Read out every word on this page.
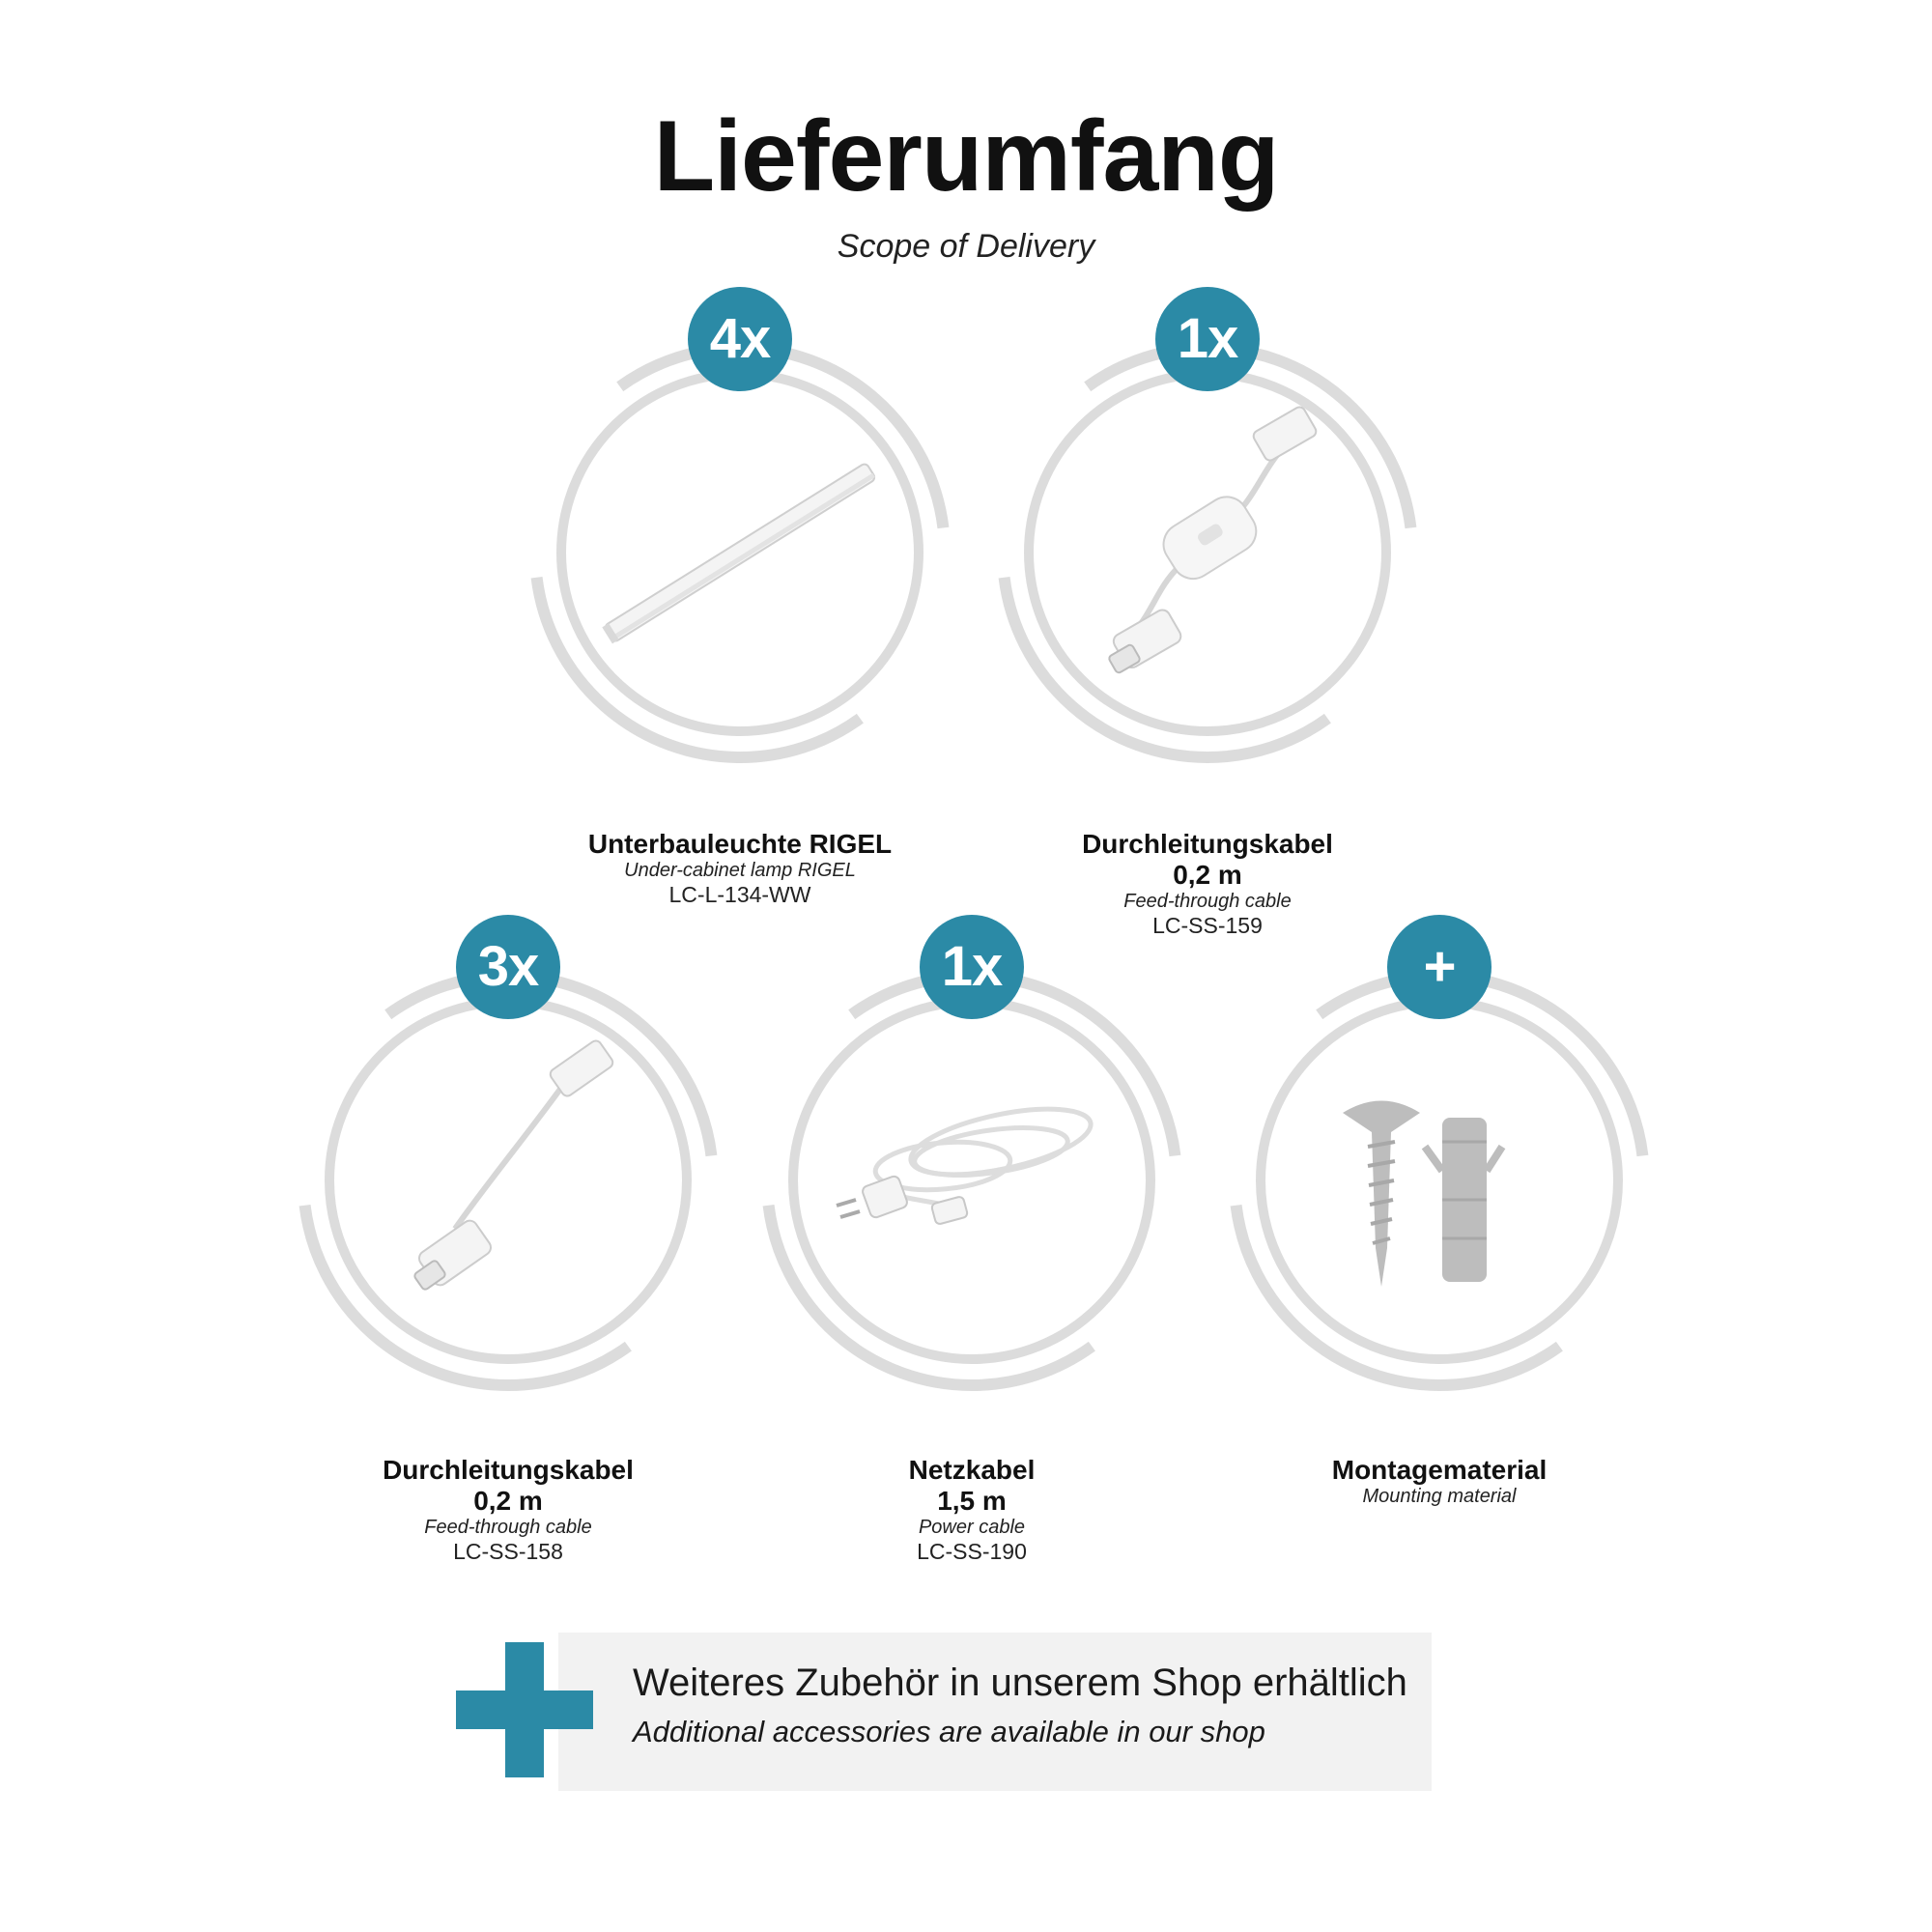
Lieferumfang

Scope of Delivery

4x
Unterbauleuchte RIGEL
Under-cabinet lamp RIGEL
LC-L-134-WW
1x
Durchleitungskabel
0,2 m
Feed-through cable
LC-SS-159
3x
Durchleitungskabel
0,2 m
Feed-through cable
LC-SS-158
1x
Netzkabel
1,5 m
Power cable
LC-SS-190
+
Montagematerial
Mounting material
Weiteres Zubehör in unserem Shop erhältlich
Additional accessories are available in our shop
